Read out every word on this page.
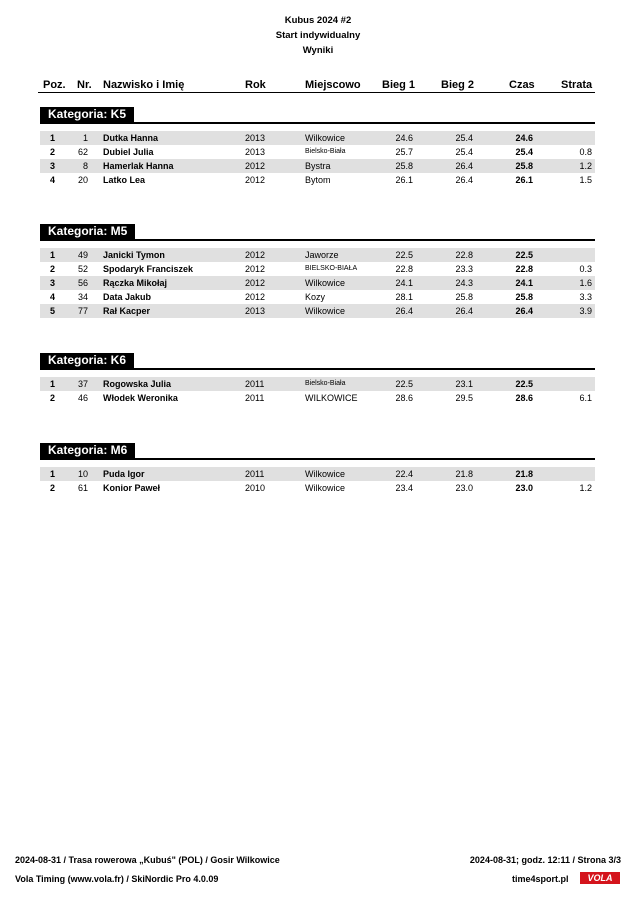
Kubus 2024 #2
Start indywidualny
Wyniki
Poz. Nr. Nazwisko i Imię	Rok	Miejscowo Bieg 1 Bieg 2	Czas Strata
Kategoria: K5
1	1 Dutka Hanna	2013	Wilkowice	24.6	25.4	24.6
2	62 Dubiel Julia	2013	Bielsko-Biała	25.7	25.4	25.4	0.8
3	8 Hamerlak Hanna	2012	Bystra	25.8	26.4	25.8	1.2
4	20 Latko Lea	2012	Bytom	26.1	26.4	26.1	1.5
Kategoria: M5
1	49 Janicki Tymon	2012	Jaworze	22.5	22.8	22.5
2	52 Spodaryk Franciszek	2012	BIELSKO-BIAŁA	22.8	23.3	22.8	0.3
3	56 Rączka Mikołaj	2012	Wilkowice	24.1	24.3	24.1	1.6
4	34 Data Jakub	2012	Kozy	28.1	25.8	25.8	3.3
5	77 Rał Kacper	2013	Wilkowice	26.4	26.4	26.4	3.9
Kategoria: K6
1	37 Rogowska Julia	2011	Bielsko-Biała	22.5	23.1	22.5
2	46 Włodek Weronika	2011	WILKOWICE	28.6	29.5	28.6	6.1
Kategoria: M6
1	10 Puda Igor	2011	Wilkowice	22.4	21.8	21.8
2	61 Konior Paweł	2010	Wilkowice	23.4	23.0	23.0	1.2
2024-08-31 / Trasa rowerowa „Kubuś" (POL) / Gosir Wilkowice	2024-08-31; godz. 12:11 / Strona 3/3
Vola Timing (www.vola.fr) / SkiNordic Pro 4.0.09	time4sport.pl	VOLA
